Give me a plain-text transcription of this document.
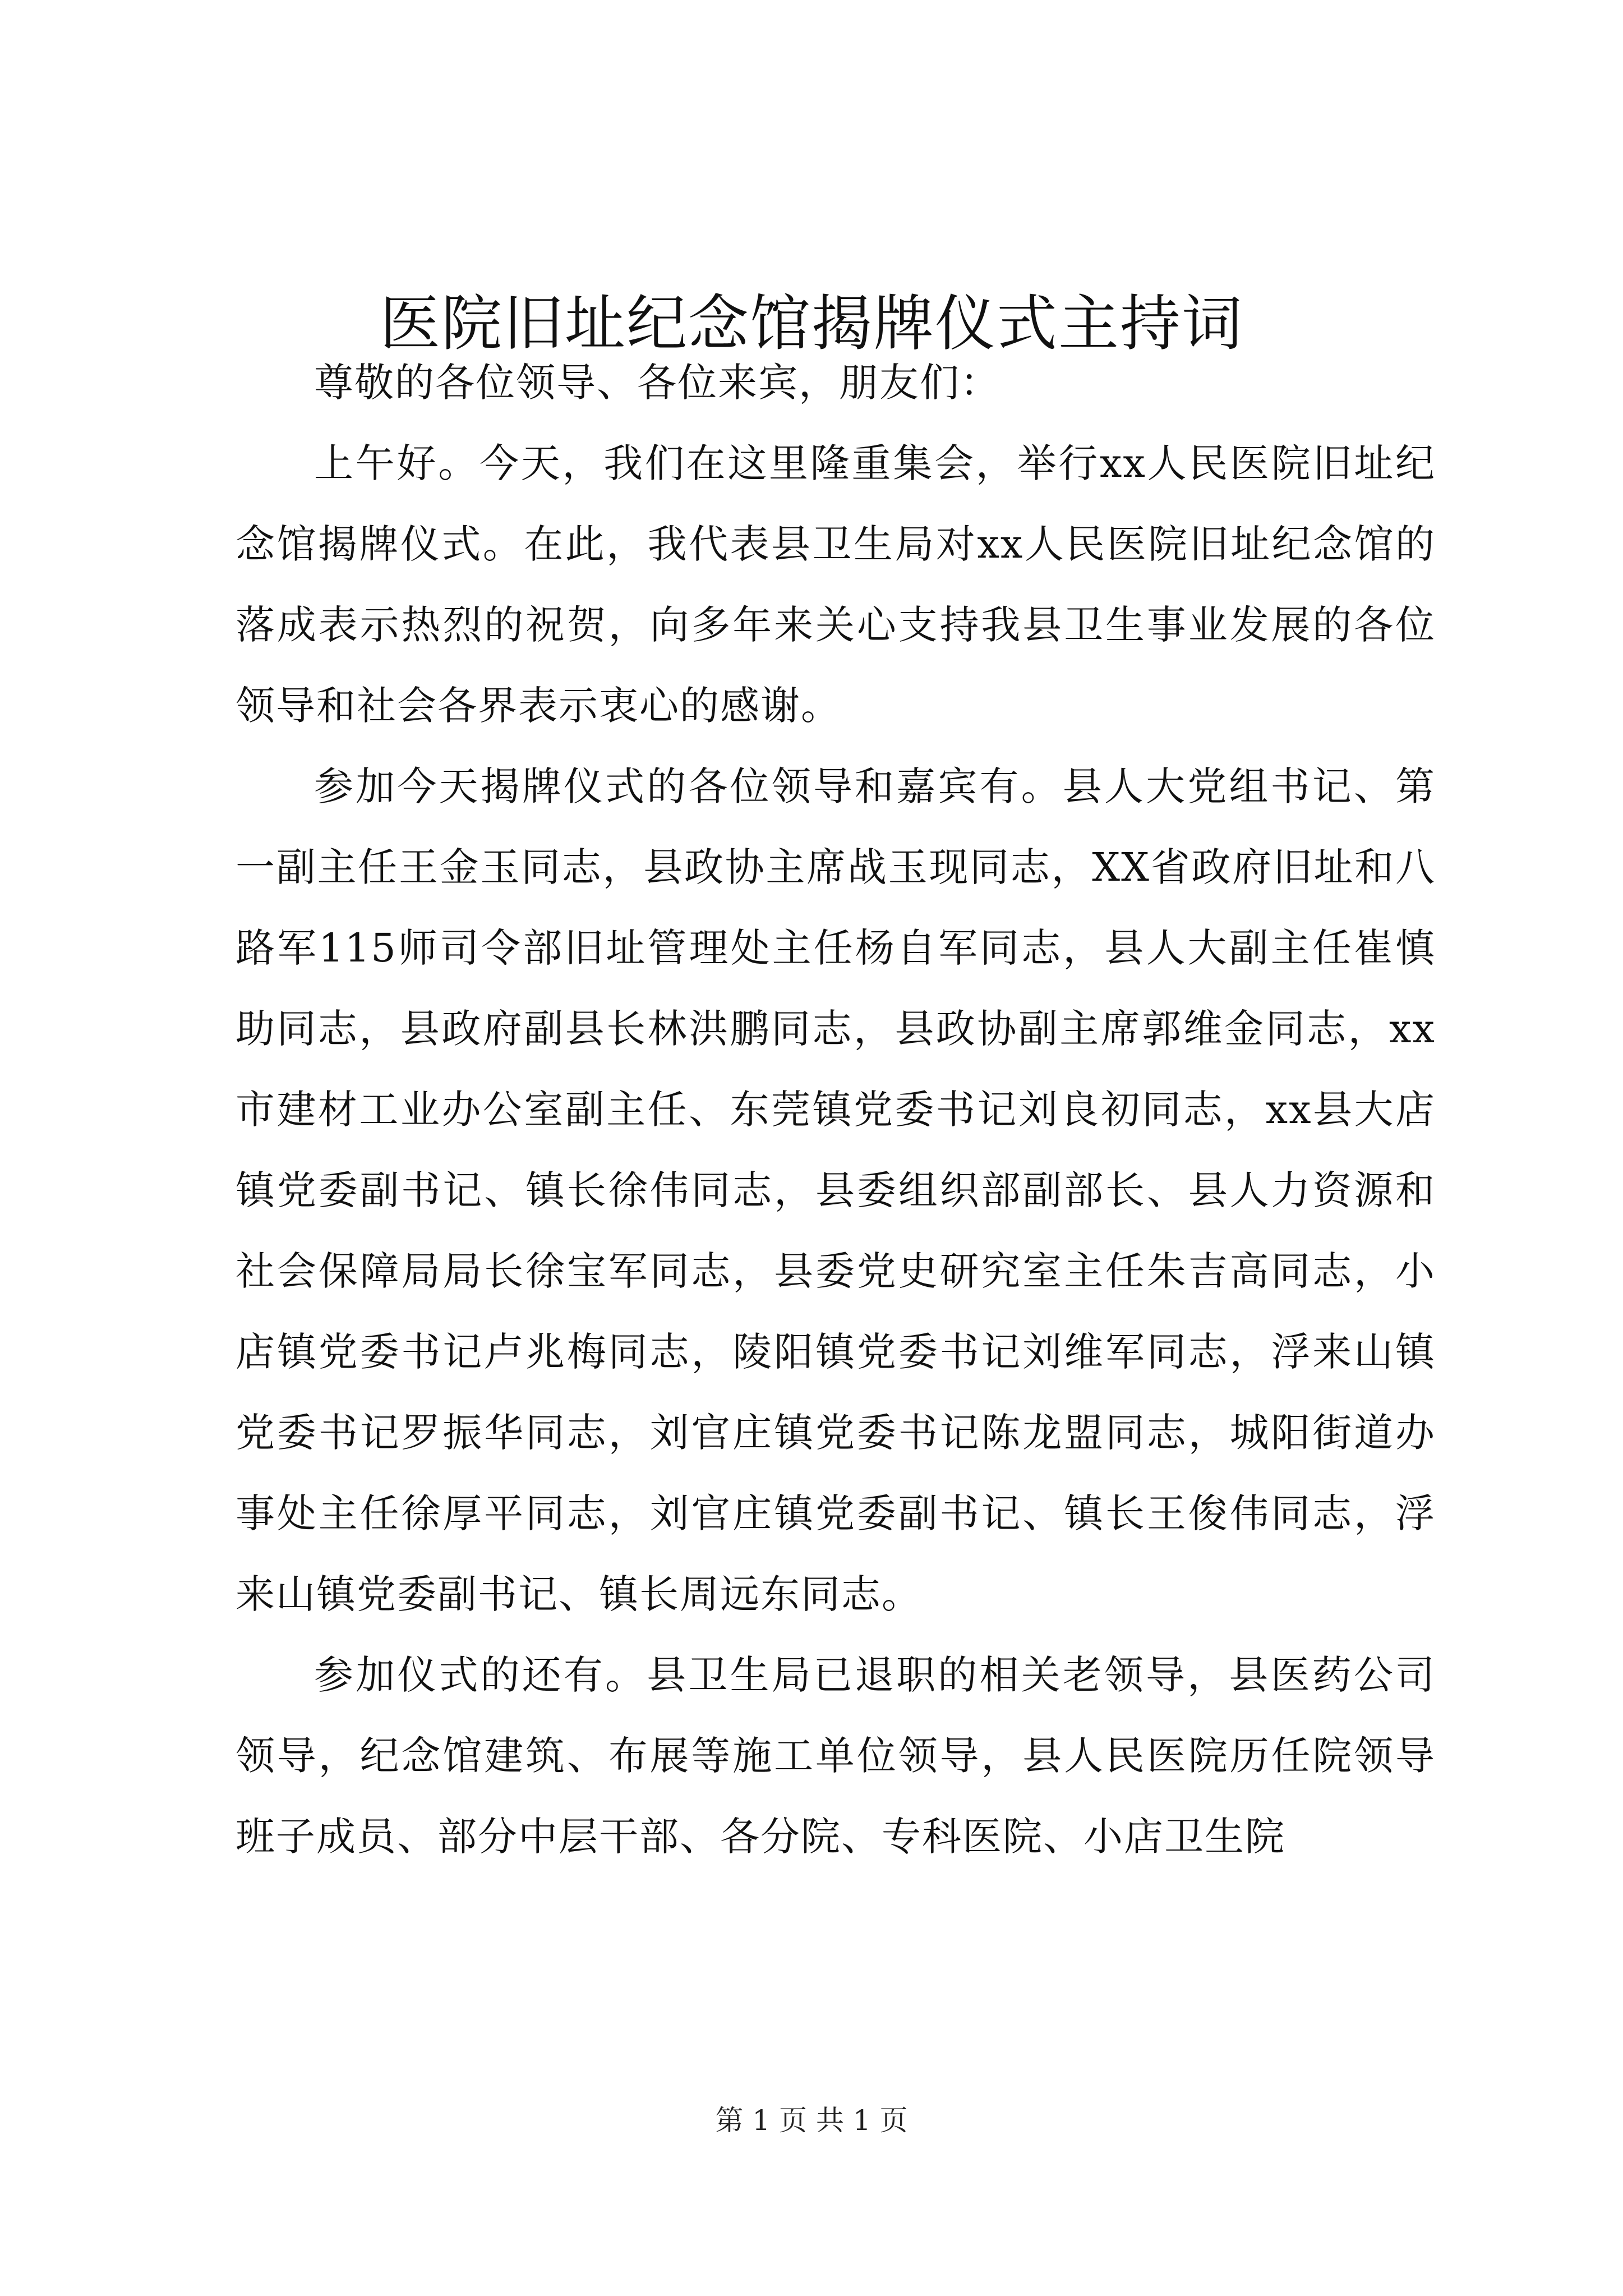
医院旧址纪念馆揭牌仪式主持词

尊敬的各位领导、各位来宾，朋友们：

上午好。今天，我们在这里隆重集会，举行xx人民医院旧址纪念馆揭牌仪式。在此，我代表县卫生局对xx人民医院旧址纪念馆的落成表示热烈的祝贺，向多年来关心支持我县卫生事业发展的各位领导和社会各界表示衷心的感谢。

参加今天揭牌仪式的各位领导和嘉宾有。县人大党组书记、第一副主任王金玉同志，县政协主席战玉现同志，XX省政府旧址和八路军115师司令部旧址管理处主任杨自军同志，县人大副主任崔慎助同志，县政府副县长林洪鹏同志，县政协副主席郭维金同志，xx市建材工业办公室副主任、东莞镇党委书记刘良初同志，xx县大店镇党委副书记、镇长徐伟同志，县委组织部副部长、县人力资源和社会保障局局长徐宝军同志，县委党史研究室主任朱吉高同志，小店镇党委书记卢兆梅同志，陵阳镇党委书记刘维军同志，浮来山镇党委书记罗振华同志，刘官庄镇党委书记陈龙盟同志，城阳街道办事处主任徐厚平同志，刘官庄镇党委副书记、镇长王俊伟同志，浮来山镇党委副书记、镇长周远东同志。

参加仪式的还有。县卫生局已退职的相关老领导，县医药公司领导，纪念馆建筑、布展等施工单位领导，县人民医院历任院领导班子成员、部分中层干部、各分院、专科医院、小店卫生院

第 1 页 共 1 页
